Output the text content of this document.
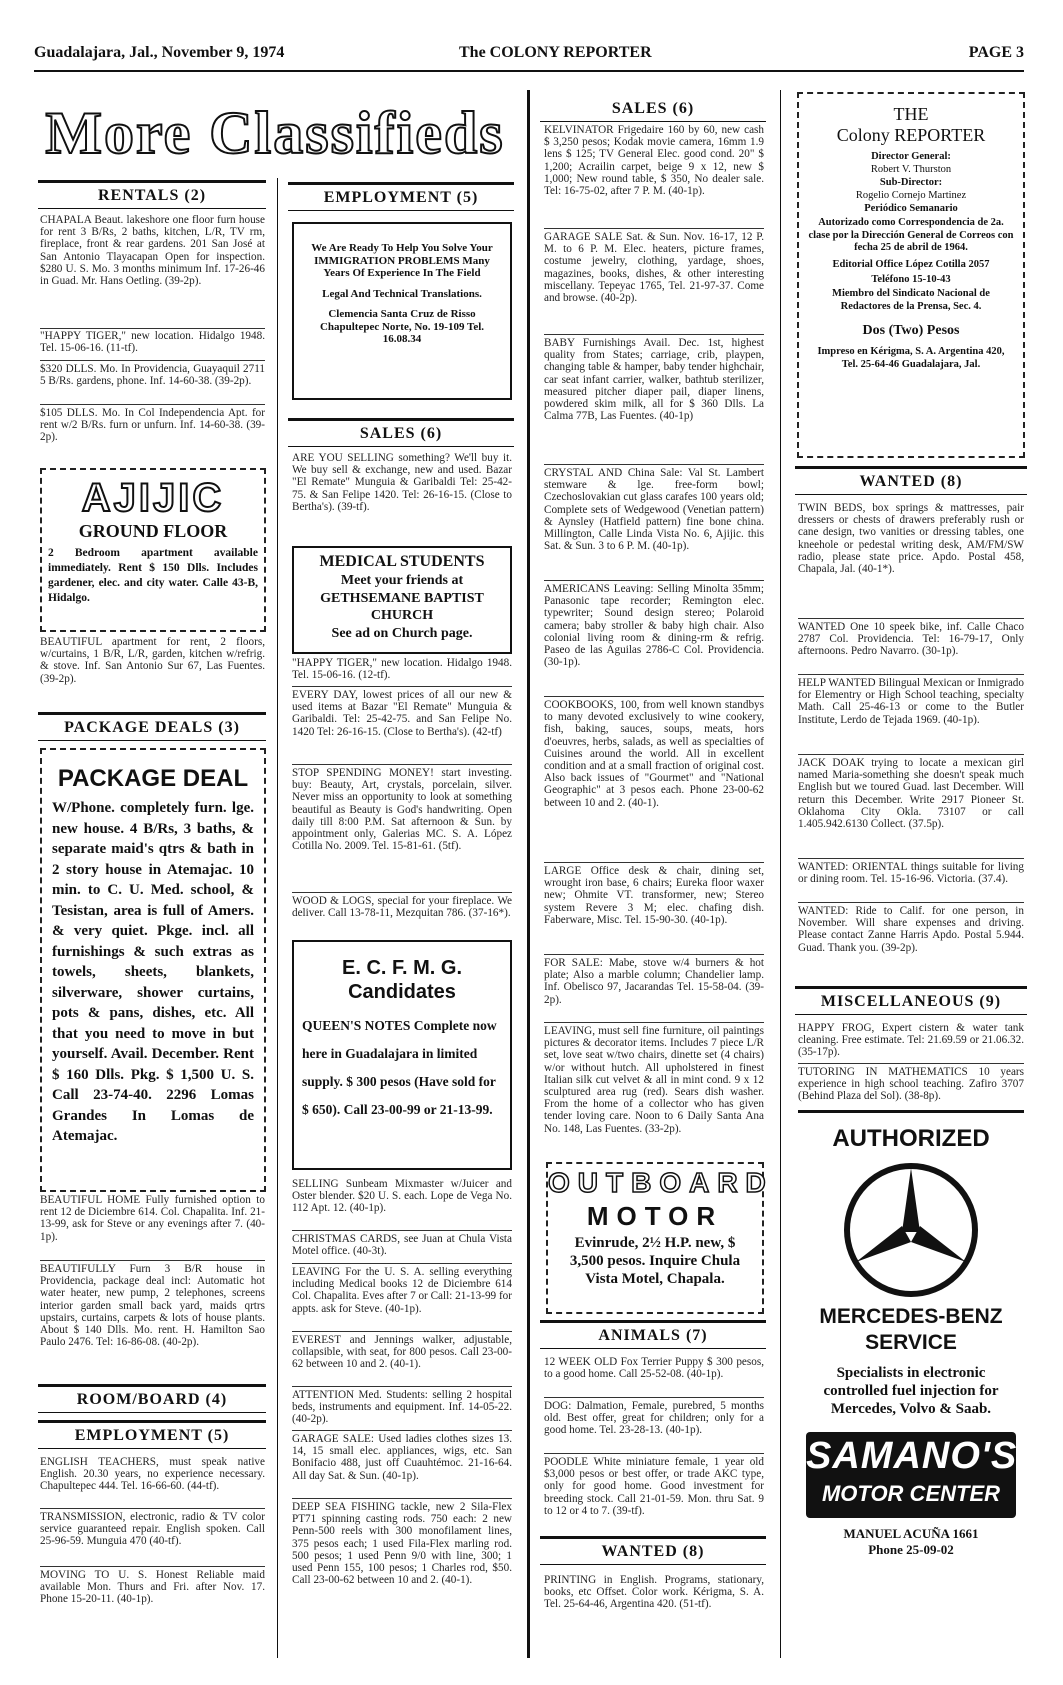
Guadalajara, Jal., November 9, 1974	The COLONY REPORTER	PAGE 3
More Classifieds
RENTALS (2)
CHAPALA Beaut. lakeshore one floor furn house for rent 3 B/Rs, 2 baths, kitchen, L/R, TV rm, fireplace, front & rear gardens. 201 San José at San Antonio Tlayacapan Open for inspection. $280 U. S. Mo. 3 months minimum Inf. 17-26-46 in Guad. Mr. Hans Oetling. (39-2p).
"HAPPY TIGER," new location. Hidalgo 1948. Tel. 15-06-16. (11-tf).
$320 DLLS. Mo. In Providencia, Guayaquil 2711 5 B/Rs. gardens, phone. Inf. 14-60-38. (39-2p).
$105 DLLS. Mo. In Col Independencia Apt. for rent w/2 B/Rs. furn or unfurn. Inf. 14-60-38. (39-2p).
AJIJIC
GROUND FLOOR
2 Bedroom apartment available immediately. Rent $ 150 Dlls. Includes gardener, elec. and city water. Calle 43-B, Hidalgo.
BEAUTIFUL apartment for rent, 2 floors, w/curtains, 1 B/R, L/R, garden, kitchen w/refrig. & stove. Inf. San Antonio Sur 67, Las Fuentes. (39-2p).
PACKAGE DEALS (3)
PACKAGE DEAL
W/Phone. completely furn. lge. new house. 4 B/Rs, 3 baths, & separate maid's qtrs & bath in 2 story house in Atemajac. 10 min. to C. U. Med. school, & Tesistan, area is full of Amers. & very quiet. Pkge. incl. all furnishings & such extras as towels, sheets, blankets, silverware, shower curtains, pots & pans, dishes, etc. All that you need to move in but yourself. Avail. December. Rent $ 160 Dlls. Pkg. $ 1,500 U. S. Call 23-74-40. 2296 Lomas Grandes In Lomas de Atemajac.
BEAUTIFUL HOME Fully furnished option to rent 12 de Diciembre 614. Col. Chapalita. Inf. 21-13-99, ask for Steve or any evenings after 7. (40-1p).
BEAUTIFULLY Furn 3 B/R house in Providencia, package deal incl: Automatic hot water heater, new pump, 2 telephones, screens interior garden small back yard, maids qrtrs upstairs, curtains, carpets & lots of house plants. About $ 140 Dlls. Mo. rent. H. Hamilton Sao Paulo 2476. Tel: 16-86-08. (40-2p).
ROOM/BOARD (4)
EMPLOYMENT (5)
ENGLISH TEACHERS, must speak native English. 20.30 years, no experience necessary. Chapultepec 444. Tel. 16-66-60. (44-tf).
TRANSMISSION, electronic, radio & TV color service guaranteed repair. English spoken. Call 25-96-59. Munguia 470 (40-tf).
MOVING TO U. S. Honest Reliable maid available Mon. Thurs and Fri. after Nov. 17. Phone 15-20-11. (40-1p).
EMPLOYMENT (5)
We Are Ready To Help You Solve Your IMMIGRATION PROBLEMS Many Years Of Experience In The Field
Legal And Technical Translations.
Clemencia Santa Cruz de Risso Chapultepec Norte, No. 19-109 Tel. 16.08.34
SALES (6)
ARE YOU SELLING something? We'll buy it. We buy sell & exchange, new and used. Bazar "El Remate" Munguia & Garibaldi Tel: 25-42-75. & San Felipe 1420. Tel: 26-16-15. (Close to Bertha's). (39-tf).
MEDICAL STUDENTS
Meet your friends at
GETHSEMANE BAPTIST CHURCH
See ad on Church page.
"HAPPY TIGER," new location. Hidalgo 1948. Tel. 15-06-16. (12-tf).
EVERY DAY, lowest prices of all our new & used items at Bazar "El Remate" Munguia & Garibaldi. Tel: 25-42-75. and San Felipe No. 1420 Tel: 26-16-15. (Close to Bertha's). (42-tf)
STOP SPENDING MONEY! start investing. buy: Beauty, Art, crystals, porcelain, silver. Never miss an opportunity to look at something beautiful as Beauty is God's handwriting. Open daily till 8:00 P.M. Sat afternoon & Sun. by appointment only, Galerias MC. S. A. López Cotilla No. 2009. Tel. 15-81-61. (5tf).
WOOD & LOGS, special for your fireplace. We deliver. Call 13-78-11, Mezquitan 786. (37-16*).
E. C. F. M. G. Candidates
QUEEN'S NOTES Complete now here in Guadalajara in limited supply. $ 300 pesos (Have sold for $ 650). Call 23-00-99 or 21-13-99.
SELLING Sunbeam Mixmaster w/Juicer and Oster blender. $20 U. S. each. Lope de Vega No. 112 Apt. 12. (40-1p).
CHRISTMAS CARDS, see Juan at Chula Vista Motel office. (40-3t).
LEAVING For the U. S. A. selling everything including Medical books 12 de Diciembre 614 Col. Chapalita. Eves after 7 or Call: 21-13-99 for appts. ask for Steve. (40-1p).
EVEREST and Jennings walker, adjustable, collapsible, with seat, for 800 pesos. Call 23-00-62 between 10 and 2. (40-1).
ATTENTION Med. Students: selling 2 hospital beds, instruments and equipment. Inf. 14-05-22. (40-2p).
GARAGE SALE: Used ladies clothes sizes 13. 14, 15 small elec. appliances, wigs, etc. San Bonifacio 488, just off Cuauhtémoc. 21-16-64. All day Sat. & Sun. (40-1p).
DEEP SEA FISHING tackle, new 2 Sila-Flex PT71 spinning casting rods. 750 each: 2 new Penn-500 reels with 300 monofilament lines, 375 pesos each; 1 used Fila-Flex marling rod. 500 pesos; 1 used Penn 9/0 with line, 300; 1 used Penn 155, 100 pesos; 1 Charles rod, $50. Call 23-00-62 between 10 and 2. (40-1).
SALES (6)
KELVINATOR Frigedaire 160 by 60, new cash $ 3,250 pesos; Kodak movie camera, 16mm 1.9 lens $ 125; TV General Elec. good cond. 20" $ 1,200; Acrailin carpet, beige 9 x 12, new $ 1,000; New round table, $ 350, No dealer sale. Tel: 16-75-02, after 7 P. M. (40-1p).
GARAGE SALE Sat. & Sun. Nov. 16-17, 12 P. M. to 6 P. M. Elec. heaters, picture frames, costume jewelry, clothing, yardage, shoes, magazines, books, dishes, & other interesting miscellany. Tepeyac 1765, Tel. 21-97-37. Come and browse. (40-2p).
BABY Furnishings Avail. Dec. 1st, highest quality from States; carriage, crib, playpen, changing table & hamper, baby tender highchair, car seat infant carrier, walker, bathtub sterilizer, measured pitcher diaper pail, diaper linens, powdered skim milk, all for $ 360 Dlls. La Calma 77B, Las Fuentes. (40-1p)
CRYSTAL AND China Sale: Val St. Lambert stemware & lge. free-form bowl; Czechoslovakian cut glass carafes 100 years old; Complete sets of Wedgewood (Venetian pattern) & Aynsley (Hatfield pattern) fine bone china. Millington, Calle Linda Vista No. 6, Ajijic. this Sat. & Sun. 3 to 6 P. M. (40-1p).
AMERICANS Leaving: Selling Minolta 35mm; Panasonic tape recorder; Remington elec. typewriter; Sound design stereo; Polaroid camera; baby stroller & baby high chair. Also colonial living room & dining-rm & refrig. Paseo de las Aguilas 2786-C Col. Providencia. (30-1p).
COOKBOOKS, 100, from well known standbys to many devoted exclusively to wine cookery, fish, baking, sauces, soups, meats, hors d'oeuvres, herbs, salads, as well as specialties of Cuisines around the world. All in excellent condition and at a small fraction of original cost. Also back issues of "Gourmet" and "National Geographic" at 3 pesos each. Phone 23-00-62 between 10 and 2. (40-1).
LARGE Office desk & chair, dining set, wrought iron base, 6 chairs; Eureka floor waxer new; Ohmite VT. transformer, new; Stereo system Revere 3 M; elec. chafing dish. Faberware, Misc. Tel. 15-90-30. (40-1p).
FOR SALE: Mabe, stove w/4 burners & hot plate; Also a marble column; Chandelier lamp. Inf. Obelisco 97, Jacarandas Tel. 15-58-04. (39-2p).
LEAVING, must sell fine furniture, oil paintings pictures & decorator items. Includes 7 piece L/R set, love seat w/two chairs, dinette set (4 chairs) w/or without hutch. All upholstered in finest Italian silk cut velvet & all in mint cond. 9 x 12 sculptured area rug (red). Sears dish washer. From the home of a collector who has given tender loving care. Noon to 6 Daily Santa Ana No. 148, Las Fuentes. (33-2p).
OUTBOARD
MOTOR
Evinrude, 2½ H.P. new, $ 3,500 pesos. Inquire Chula Vista Motel, Chapala.
ANIMALS (7)
12 WEEK OLD Fox Terrier Puppy $ 300 pesos, to a good home. Call 25-52-08. (40-1p).
DOG: Dalmation, Female, purebred, 5 months old. Best offer, great for children; only for a good home. Tel. 23-28-13. (40-1p).
POODLE White miniature female, 1 year old $3,000 pesos or best offer, or trade AKC type, only for good home. Good investment for breeding stock. Call 21-01-59. Mon. thru Sat. 9 to 12 or 4 to 7. (39-tf).
WANTED (8)
PRINTING in English. Programs, stationary, books, etc Offset. Color work. Kérigma, S. A. Tel. 25-64-46, Argentina 420. (51-tf).
THE
Colony REPORTER
Director General:
Robert V. Thurston
Sub-Director:
Rogelio Cornejo Martinez
Periódico Semanario
Autorizado como Correspondencia de 2a. clase por la Dirección General de Correos con fecha 25 de abril de 1964.
Editorial Office López Cotilla 2057
Teléfono 15-10-43
Miembro del Sindicato Nacional de Redactores de la Prensa, Sec. 4.
Dos (Two) Pesos
Impreso en Kérigma, S. A. Argentina 420, Tel. 25-64-46 Guadalajara, Jal.
WANTED (8)
TWIN BEDS, box springs & mattresses, pair dressers or chests of drawers preferably rush or cane design, two vanities or dressing tables, one kneehole or pedestal writing desk, AM/FM/SW radio, please state price. Apdo. Postal 458, Chapala, Jal. (40-1*).
WANTED One 10 speek bike, inf. Calle Chaco 2787 Col. Providencia. Tel: 16-79-17, Only afternoons. Pedro Navarro. (30-1p).
HELP WANTED Bilingual Mexican or Inmigrado for Elementry or High School teaching, specialty Math. Call 25-46-13 or come to the Butler Institute, Lerdo de Tejada 1969. (40-1p).
JACK DOAK trying to locate a mexican girl named Maria-something she doesn't speak much English but we toured Guad. last December. Will return this December. Write 2917 Pioneer St. Oklahoma City Okla. 73107 or call 1.405.942.6130 Collect. (37.5p).
WANTED: ORIENTAL things suitable for living or dining room. Tel. 15-16-96. Victoria. (37.4).
WANTED: Ride to Calif. for one person, in November. Will share expenses and driving. Please contact Zanne Harris Apdo. Postal 5.944. Guad. Thank you. (39-2p).
MISCELLANEOUS (9)
HAPPY FROG, Expert cistern & water tank cleaning. Free estimate. Tel: 21.69.59 or 21.06.32. (35-17p).
TUTORING IN MATHEMATICS 10 years experience in high school teaching. Zafiro 3707 (Behind Plaza del Sol). (38-8p).
AUTHORIZED
MERCEDES-BENZ SERVICE
Specialists in electronic controlled fuel injection for Mercedes, Volvo & Saab.
SAMANO'S
MOTOR CENTER
MANUEL ACUÑA 1661
Phone 25-09-02
